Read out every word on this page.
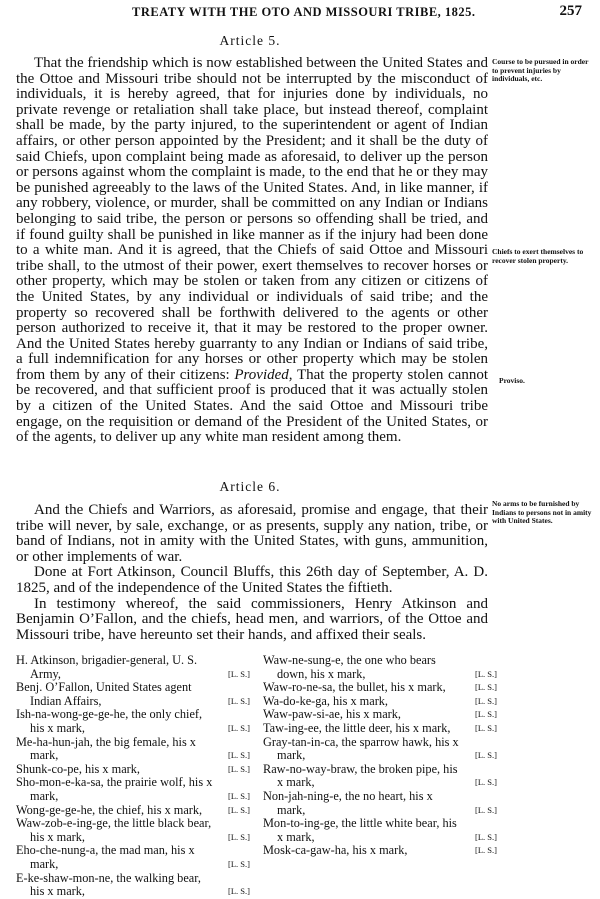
TREATY WITH THE OTO AND MISSOURI TRIBE, 1825.	257
Article 5.

That the friendship which is now established between the United States and the Ottoe and Missouri tribe should not be interrupted by the misconduct of individuals, it is hereby agreed, that for injuries done by individuals, no private revenge or retaliation shall take place, but instead thereof, complaint shall be made, by the party injured, to the superintendent or agent of Indian affairs, or other person appointed by the President; and it shall be the duty of said Chiefs, upon complaint being made as aforesaid, to deliver up the person or persons against whom the complaint is made, to the end that he or they may be punished agreeably to the laws of the United States. And, in like manner, if any robbery, violence, or murder, shall be committed on any Indian or Indians belonging to said tribe, the person or persons so offending shall be tried, and if found guilty shall be punished in like manner as if the injury had been done to a white man. And it is agreed, that the Chiefs of said Ottoe and Missouri tribe shall, to the utmost of their power, exert themselves to recover horses or other property, which may be stolen or taken from any citizen or citizens of the United States, by any individual or individuals of said tribe; and the property so recovered shall be forthwith delivered to the agents or other person authorized to receive it, that it may be restored to the proper owner. And the United States hereby guarranty to any Indian or Indians of said tribe, a full indemnification for any horses or other property which may be stolen from them by any of their citizens: Provided, That the property stolen cannot be recovered, and that sufficient proof is produced that it was actually stolen by a citizen of the United States. And the said Ottoe and Missouri tribe engage, on the requisition or demand of the President of the United States, or of the agents, to deliver up any white man resident among them.

Course to be pursued in order to prevent injuries by individuals, etc.
Chiefs to exert themselves to recover stolen property.
Proviso.
No arms to be furnished by Indians to persons not in amity with United States.
Article 6.

And the Chiefs and Warriors, as aforesaid, promise and engage, that their tribe will never, by sale, exchange, or as presents, supply any nation, tribe, or band of Indians, not in amity with the United States, with guns, ammunition, or other implements of war.

Done at Fort Atkinson, Council Bluffs, this 26th day of September, A. D. 1825, and of the independence of the United States the fiftieth.

In testimony whereof, the said commissioners, Henry Atkinson and Benjamin O’Fallon, and the chiefs, head men, and warriors, of the Ottoe and Missouri tribe, have hereunto set their hands, and affixed their seals.

H. Atkinson, brigadier-general, U. S. Army,	[L. S.]
Benj. O’Fallon, United States agent Indian Affairs,	[L. S.]
Ish-na-wong-ge-ge-he, the only chief, his x mark,	[L. S.]
Me-ha-hun-jah, the big female, his x mark,	[L. S.]
Shunk-co-pe, his x mark,	[L. S.]
Sho-mon-e-ka-sa, the prairie wolf, his x mark,	[L. S.]
Wong-ge-ge-he, the chief, his x mark,	[L. S.]
Waw-zob-e-ing-ge, the little black bear, his x mark,	[L. S.]
Eho-che-nung-a, the mad man, his x mark,	[L. S.]
E-ke-shaw-mon-ne, the walking bear, his x mark,	[L. S.]
Waw-ne-sung-e, the one who bears down, his x mark,	[L. S.]
Waw-ro-ne-sa, the bullet, his x mark,	[L. S.]
Wa-do-ke-ga, his x mark,	[L. S.]
Waw-paw-si-ae, his x mark,	[L. S.]
Taw-ing-ee, the little deer, his x mark,	[L. S.]
Gray-tan-in-ca, the sparrow hawk, his x mark,	[L. S.]
Raw-no-way-braw, the broken pipe, his x mark,	[L. S.]
Non-jah-ning-e, the no heart, his x mark,	[L. S.]
Mon-to-ing-ge, the little white bear, his x mark,	[L. S.]
Mosk-ca-gaw-ha, his x mark,	[L. S.]
